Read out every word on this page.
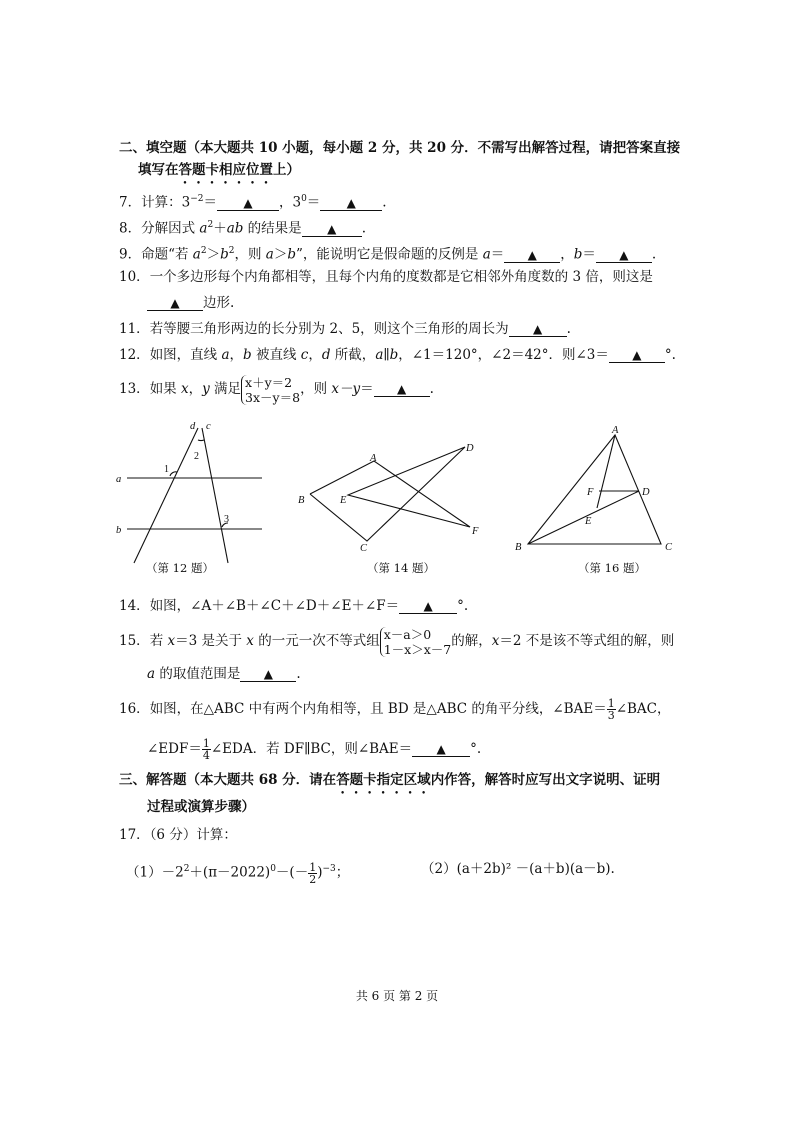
二、填空题（本大题共 10 小题，每小题 2 分，共 20 分．不需写出解答过程，请把答案直接
填写在答题卡相应位置上）
7．计算：$3^{-2}=$ ▲ ，$3^0=$ ▲ .
8．分解因式 $a^2+ab$ 的结果是 ▲ .
9．命题“若 $a^2>b^2$，则 a＞b”，能说明它是假命题的反例是 a＝ ▲ ，b＝ ▲ .
10．一个多边形每个内角都相等，且每个内角的度数都是它相邻外角度数的 3 倍，则这是
▲ 边形.
11．若等腰三角形两边的长分别为 2、5，则这个三角形的周长为 ▲ .
12．如图，直线 a，b 被直线 c，d 所截，a∥b，∠1＝120°，∠2＝42°．则∠3＝ ▲ °.
13．如果 x，y 满足 x＋y＝2
3x－y＝8 ，则 x－y＝ ▲ .
d c
a
b
1
2
3
（第 12 题）
A
B
C
D
E
F
（第 14 题）
A
B	C
D
E
F
（第 16 题）
14．如图，∠A＋∠B＋∠C＋∠D＋∠E＋∠F＝ ▲ °.
15．若 x＝3 是关于 x 的一元一次不等式组 x－a＞0
1－x＞x－7 的解，x＝2 不是该不等式组的解，则
a 的取值范围是 ▲ .
16．如图，在△ABC 中有两个内角相等，且 BD 是△ABC 的角平分线，∠BAE＝ $\frac{1}{3}$ ∠BAC，
∠EDF＝ $\frac{1}{4}$ ∠EDA．若 DF∥BC，则∠BAE＝ ▲ °.
三、解答题（本大题共 68 分．请在答题卡指定区域内作答，解答时应写出文字说明、证明
过程或演算步骤）
17．（6 分）计算：
$(1)-2^2+(\pi-2022)^0-(- \frac{1}{2} )^{-3}$；	（2）(a＋2b)² －(a＋b)(a－b).
共 6 页 第 2 页
